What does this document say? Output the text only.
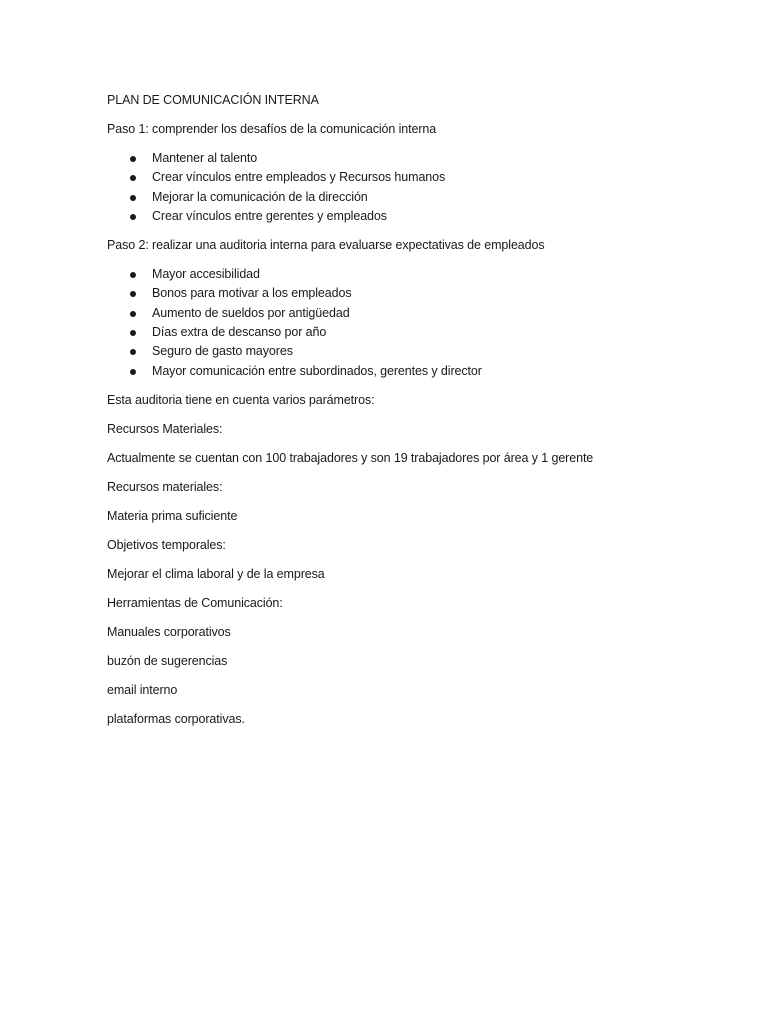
PLAN DE COMUNICACIÓN INTERNA

Paso 1: comprender los desafíos de la comunicación interna

Mantener al talento
Crear vínculos entre empleados y Recursos humanos
Mejorar la comunicación de la dirección
Crear vínculos entre gerentes y empleados

Paso 2: realizar una auditoria interna para evaluarse expectativas de empleados

Mayor accesibilidad
Bonos para motivar a los empleados
Aumento de sueldos por antigüedad
Días extra de descanso por año
Seguro de gasto mayores
Mayor comunicación entre subordinados, gerentes y director

Esta auditoria tiene en cuenta varios parámetros:

Recursos Materiales:

Actualmente se cuentan con 100 trabajadores y son 19 trabajadores por área y 1 gerente

Recursos materiales:

Materia prima suficiente

Objetivos temporales:

Mejorar el clima laboral y de la empresa

Herramientas de Comunicación:

Manuales corporativos

buzón de sugerencias

email interno

plataformas corporativas.
